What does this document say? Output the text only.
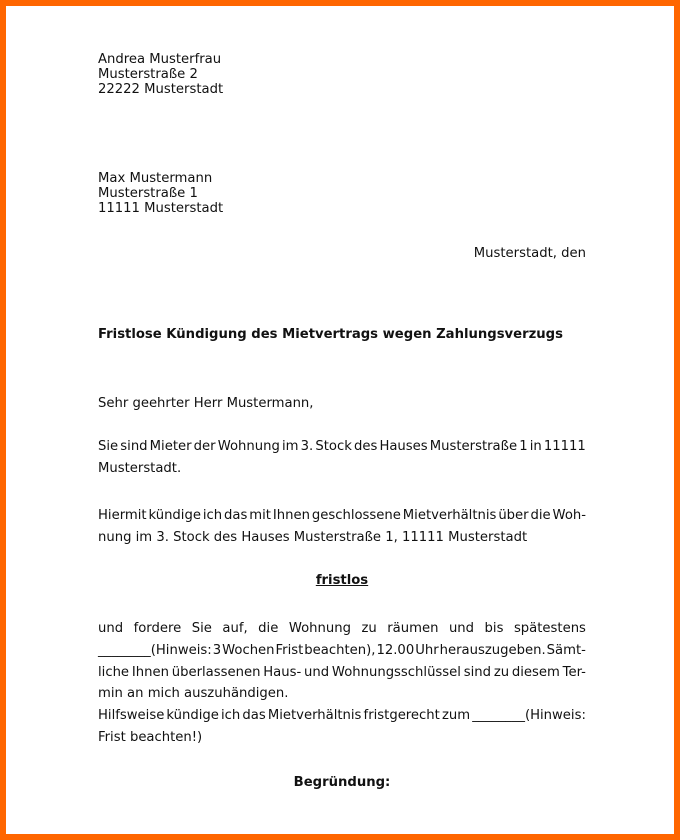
Andrea Musterfrau
Musterstraße 2
22222 Musterstadt
Max Mustermann
Musterstraße 1
11111 Musterstadt
Musterstadt, den
Fristlose Kündigung des Mietvertrags wegen Zahlungsverzugs
Sehr geehrter Herr Mustermann,
Sie sind Mieter der Wohnung im 3. Stock des Hauses Musterstraße 1 in 11111
Musterstadt.
Hiermit kündige ich das mit Ihnen geschlossene Mietverhältnis über die Woh-
nung im 3. Stock des Hauses Musterstraße 1, 11111 Musterstadt
fristlos
und fordere Sie auf, die Wohnung zu räumen und bis spätestens
________(Hinweis: 3 Wochen Frist beachten), 12.00 Uhr herauszugeben. Sämt-
liche Ihnen überlassenen Haus- und Wohnungsschlüssel sind zu diesem Ter-
min an mich auszuhändigen.
Hilfsweise kündige ich das Mietverhältnis fristgerecht zum ________(Hinweis:
Frist beachten!)
Begründung:
